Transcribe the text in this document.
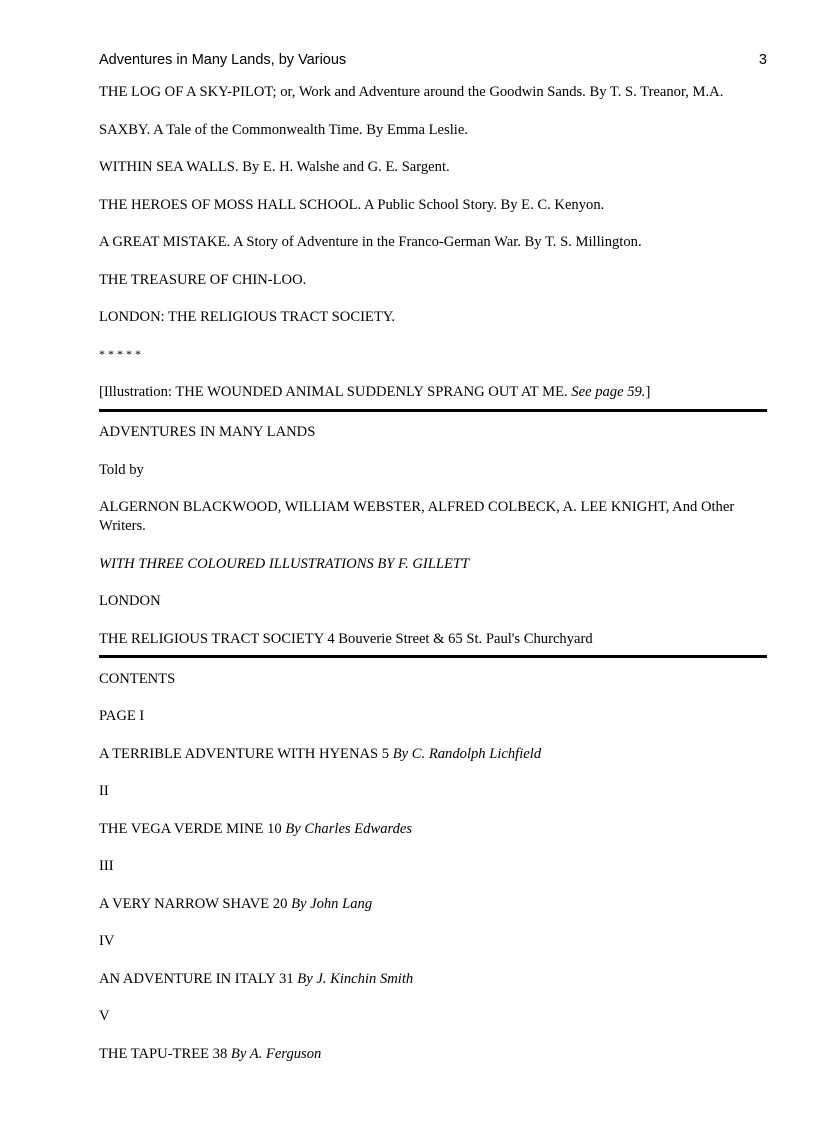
Adventures in Many Lands, by Various	3
THE LOG OF A SKY-PILOT; or, Work and Adventure around the Goodwin Sands. By T. S. Treanor, M.A.
SAXBY. A Tale of the Commonwealth Time. By Emma Leslie.
WITHIN SEA WALLS. By E. H. Walshe and G. E. Sargent.
THE HEROES OF MOSS HALL SCHOOL. A Public School Story. By E. C. Kenyon.
A GREAT MISTAKE. A Story of Adventure in the Franco-German War. By T. S. Millington.
THE TREASURE OF CHIN-LOO.
LONDON: THE RELIGIOUS TRACT SOCIETY.
* * * * *
[Illustration: THE WOUNDED ANIMAL SUDDENLY SPRANG OUT AT ME. See page 59.]
ADVENTURES IN MANY LANDS
Told by
ALGERNON BLACKWOOD, WILLIAM WEBSTER, ALFRED COLBECK, A. LEE KNIGHT, And Other Writers.
WITH THREE COLOURED ILLUSTRATIONS BY F. GILLETT
LONDON
THE RELIGIOUS TRACT SOCIETY 4 Bouverie Street & 65 St. Paul's Churchyard
CONTENTS
PAGE I
A TERRIBLE ADVENTURE WITH HYENAS 5 By C. Randolph Lichfield
II
THE VEGA VERDE MINE 10 By Charles Edwardes
III
A VERY NARROW SHAVE 20 By John Lang
IV
AN ADVENTURE IN ITALY 31 By J. Kinchin Smith
V
THE TAPU-TREE 38 By A. Ferguson
